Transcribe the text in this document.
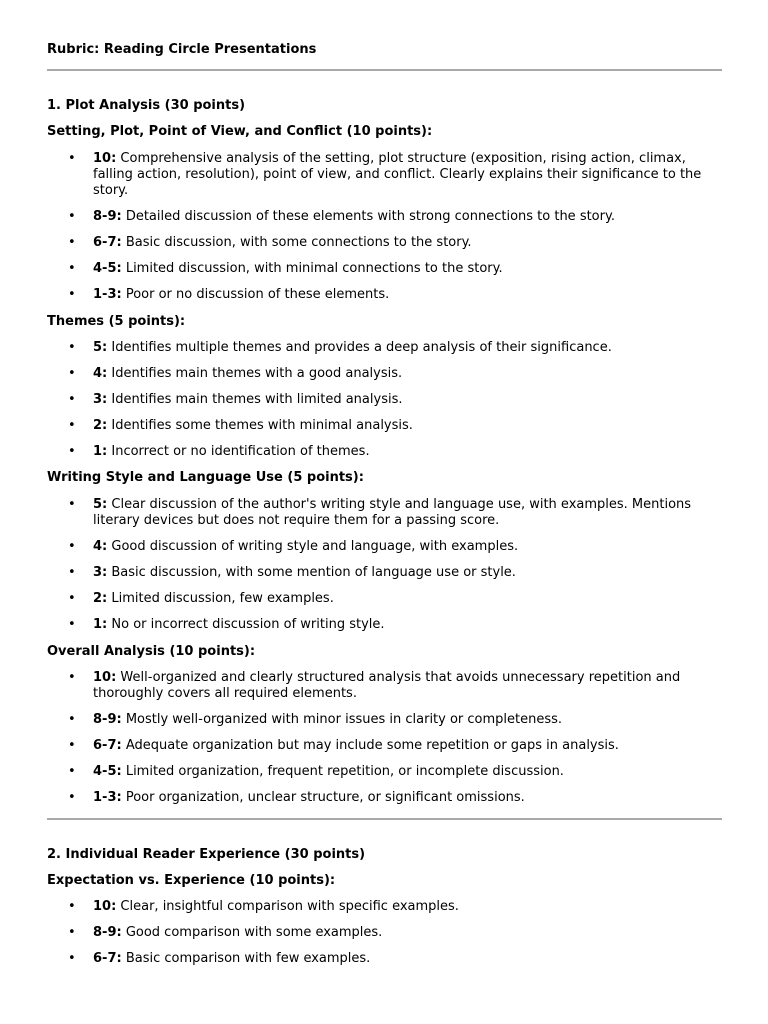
Rubric: Reading Circle Presentations
1. Plot Analysis (30 points)
Setting, Plot, Point of View, and Conflict (10 points):
• 10: Comprehensive analysis of the setting, plot structure (exposition, rising action, climax, falling action, resolution), point of view, and conflict. Clearly explains their significance to the story.
• 8-9: Detailed discussion of these elements with strong connections to the story.
• 6-7: Basic discussion, with some connections to the story.
• 4-5: Limited discussion, with minimal connections to the story.
• 1-3: Poor or no discussion of these elements.
Themes (5 points):
• 5: Identifies multiple themes and provides a deep analysis of their significance.
• 4: Identifies main themes with a good analysis.
• 3: Identifies main themes with limited analysis.
• 2: Identifies some themes with minimal analysis.
• 1: Incorrect or no identification of themes.
Writing Style and Language Use (5 points):
• 5: Clear discussion of the author's writing style and language use, with examples. Mentions literary devices but does not require them for a passing score.
• 4: Good discussion of writing style and language, with examples.
• 3: Basic discussion, with some mention of language use or style.
• 2: Limited discussion, few examples.
• 1: No or incorrect discussion of writing style.
Overall Analysis (10 points):
• 10: Well-organized and clearly structured analysis that avoids unnecessary repetition and thoroughly covers all required elements.
• 8-9: Mostly well-organized with minor issues in clarity or completeness.
• 6-7: Adequate organization but may include some repetition or gaps in analysis.
• 4-5: Limited organization, frequent repetition, or incomplete discussion.
• 1-3: Poor organization, unclear structure, or significant omissions.
2. Individual Reader Experience (30 points)
Expectation vs. Experience (10 points):
• 10: Clear, insightful comparison with specific examples.
• 8-9: Good comparison with some examples.
• 6-7: Basic comparison with few examples.
